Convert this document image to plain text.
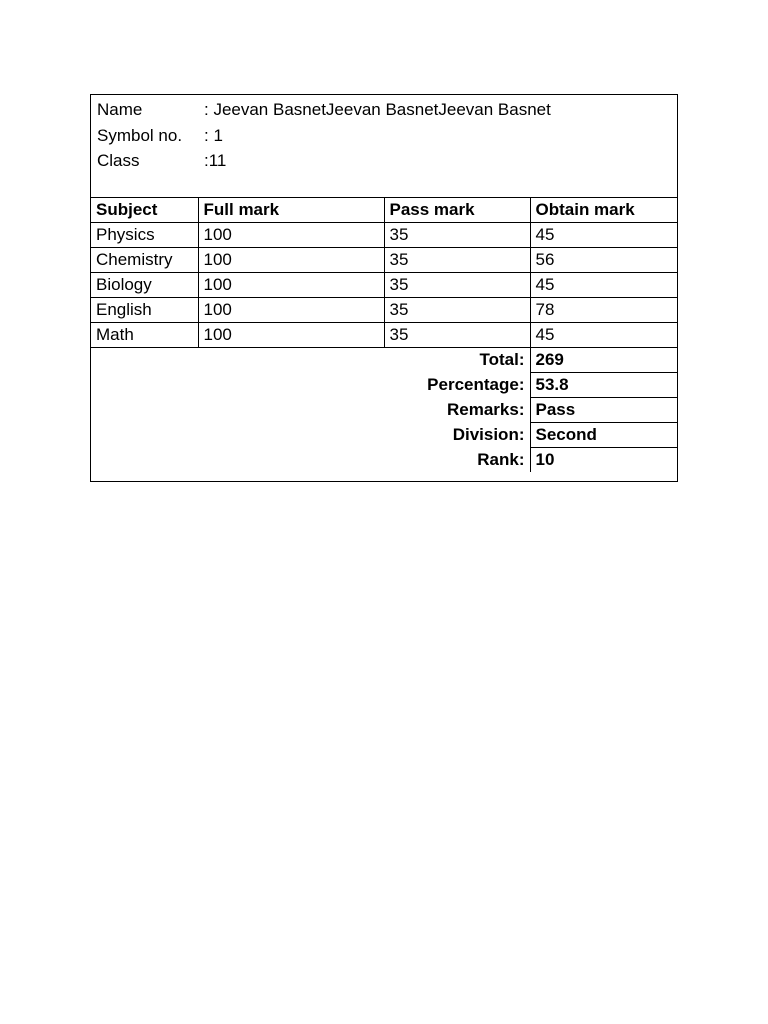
Name	: Jeevan BasnetJeevan BasnetJeevan Basnet
Symbol no.	: 1
Class	:11
Subject	Full mark	Pass mark	Obtain mark
Physics	100	35	45
Chemistry	100	35	56
Biology	100	35	45
English	100	35	78
Math	100	35	45
Total:			269
Percentage:			53.8
Remarks:			Pass
Division:			Second
Rank:			10
